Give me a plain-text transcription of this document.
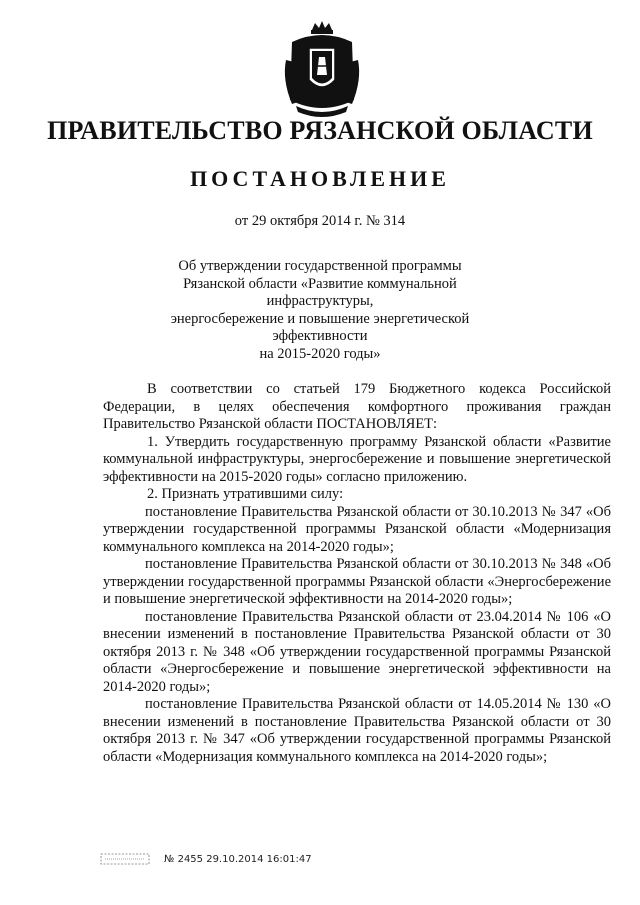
ПРАВИТЕЛЬСТВО РЯЗАНСКОЙ ОБЛАСТИ
ПОСТАНОВЛЕНИЕ
от 29 октября 2014 г. № 314
Об утверждении государственной программы
Рязанской области «Развитие коммунальной инфраструктуры,
энергосбережение и повышение энергетической эффективности
на 2015-2020 годы»

В соответствии со статьей 179 Бюджетного кодекса Российской Федерации, в целях обеспечения комфортного проживания граждан Правительство Рязанской области ПОСТАНОВЛЯЕТ:

1. Утвердить государственную программу Рязанской области «Развитие коммунальной инфраструктуры, энергосбережение и повышение энергетической эффективности на 2015-2020 годы» согласно приложению.

2. Признать утратившими силу:

постановление Правительства Рязанской области от 30.10.2013 № 347 «Об утверждении государственной программы Рязанской области «Модернизация коммунального комплекса на 2014-2020 годы»;

постановление Правительства Рязанской области от 30.10.2013 № 348 «Об утверждении государственной программы Рязанской области «Энергосбережение и повышение энергетической эффективности на 2014-2020 годы»;

постановление Правительства Рязанской области от 23.04.2014 № 106 «О внесении изменений в постановление Правительства Рязанской области от 30 октября 2013 г. № 348 «Об утверждении государственной программы Рязанской области «Энергосбережение и повышение энергетической эффективности на 2014-2020 годы»;

постановление Правительства Рязанской области от 14.05.2014 № 130 «О внесении изменений в постановление Правительства Рязанской области от 30 октября 2013 г. № 347 «Об утверждении государственной программы Рязанской области «Модернизация коммунального комплекса на 2014-2020 годы»;

№ 2455 29.10.2014 16:01:47
